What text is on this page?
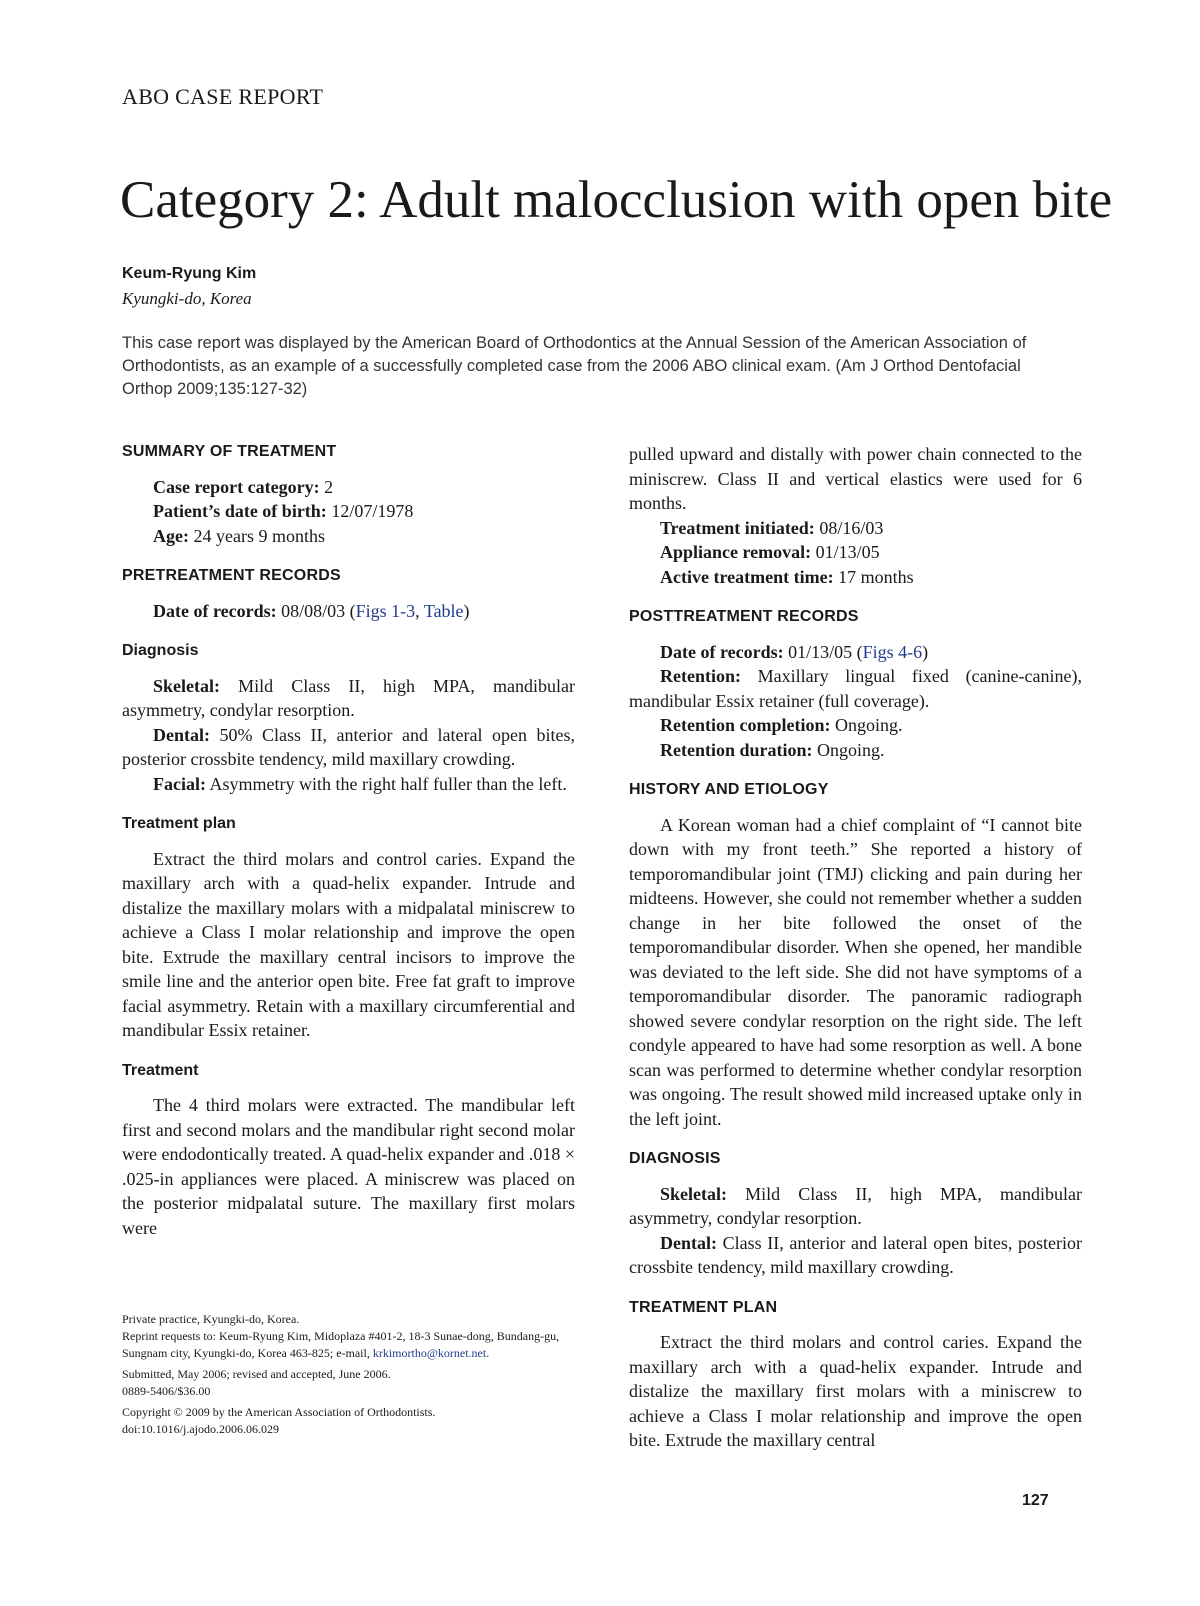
ABO CASE REPORT
Category 2: Adult malocclusion with open bite
Keum-Ryung Kim
Kyungki-do, Korea
This case report was displayed by the American Board of Orthodontics at the Annual Session of the American Association of Orthodontists, as an example of a successfully completed case from the 2006 ABO clinical exam. (Am J Orthod Dentofacial Orthop 2009;135:127-32)
SUMMARY OF TREATMENT
Case report category: 2
Patient’s date of birth: 12/07/1978
Age: 24 years 9 months
PRETREATMENT RECORDS
Date of records: 08/08/03 (Figs 1-3, Table)
Diagnosis

Skeletal: Mild Class II, high MPA, mandibular asymmetry, condylar resorption.

Dental: 50% Class II, anterior and lateral open bites, posterior crossbite tendency, mild maxillary crowding.

Facial: Asymmetry with the right half fuller than the left.

Treatment plan

Extract the third molars and control caries. Expand the maxillary arch with a quad-helix expander. Intrude and distalize the maxillary molars with a midpalatal miniscrew to achieve a Class I molar relationship and improve the open bite. Extrude the maxillary central incisors to improve the smile line and the anterior open bite. Free fat graft to improve facial asymmetry. Retain with a maxillary circumferential and mandibular Essix retainer.

Treatment

The 4 third molars were extracted. The mandibular left first and second molars and the mandibular right second molar were endodontically treated. A quad-helix expander and .018 × .025-in appliances were placed. A miniscrew was placed on the posterior midpalatal suture. The maxillary first molars were

Private practice, Kyungki-do, Korea.
Reprint requests to: Keum-Ryung Kim, Midoplaza #401-2, 18-3 Sunae-dong, Bundang-gu, Sungnam city, Kyungki-do, Korea 463-825; e-mail, krkimortho@kornet.net.
Submitted, May 2006; revised and accepted, June 2006.
0889-5406/$36.00
Copyright © 2009 by the American Association of Orthodontists.
doi:10.1016/j.ajodo.2006.06.029

pulled upward and distally with power chain connected to the miniscrew. Class II and vertical elastics were used for 6 months.

Treatment initiated: 08/16/03
Appliance removal: 01/13/05
Active treatment time: 17 months
POSTTREATMENT RECORDS
Date of records: 01/13/05 (Figs 4-6)

Retention: Maxillary lingual fixed (canine-canine), mandibular Essix retainer (full coverage).

Retention completion: Ongoing.
Retention duration: Ongoing.
HISTORY AND ETIOLOGY

A Korean woman had a chief complaint of “I cannot bite down with my front teeth.” She reported a history of temporomandibular joint (TMJ) clicking and pain during her midteens. However, she could not remember whether a sudden change in her bite followed the onset of the temporomandibular disorder. When she opened, her mandible was deviated to the left side. She did not have symptoms of a temporomandibular disorder. The panoramic radiograph showed severe condylar resorption on the right side. The left condyle appeared to have had some resorption as well. A bone scan was performed to determine whether condylar resorption was ongoing. The result showed mild increased uptake only in the left joint.

DIAGNOSIS

Skeletal: Mild Class II, high MPA, mandibular asymmetry, condylar resorption.

Dental: Class II, anterior and lateral open bites, posterior crossbite tendency, mild maxillary crowding.

TREATMENT PLAN

Extract the third molars and control caries. Expand the maxillary arch with a quad-helix expander. Intrude and distalize the maxillary first molars with a miniscrew to achieve a Class I molar relationship and improve the open bite. Extrude the maxillary central

127
